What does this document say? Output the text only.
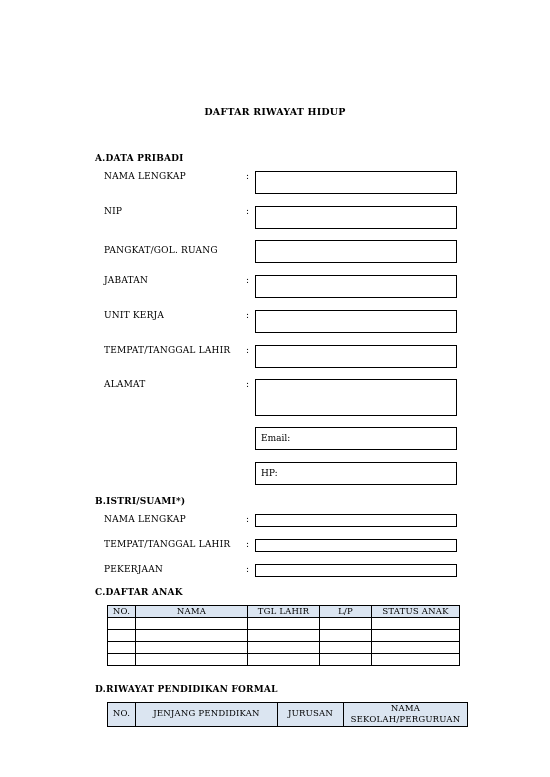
DAFTAR RIWAYAT HIDUP
A.DATA PRIBADI
NAMA LENGKAP	:
NIP	:
PANGKAT/GOL. RUANG
JABATAN	:
UNIT KERJA	:
TEMPAT/TANGGAL LAHIR :
ALAMAT	:
Email:
HP:
B.ISTRI/SUAMI*)
NAMA LENGKAP	:
TEMPAT/TANGGAL LAHIR :
PEKERJAAN	:
C.DAFTAR ANAK
NO.	NAMA	TGL LAHIR	L/P	STATUS ANAK

D.RIWAYAT PENDIDIKAN FORMAL
NO.	JENJANG PENDIDIKAN	JURUSAN	NAMA SEKOLAH/PERGURUAN
